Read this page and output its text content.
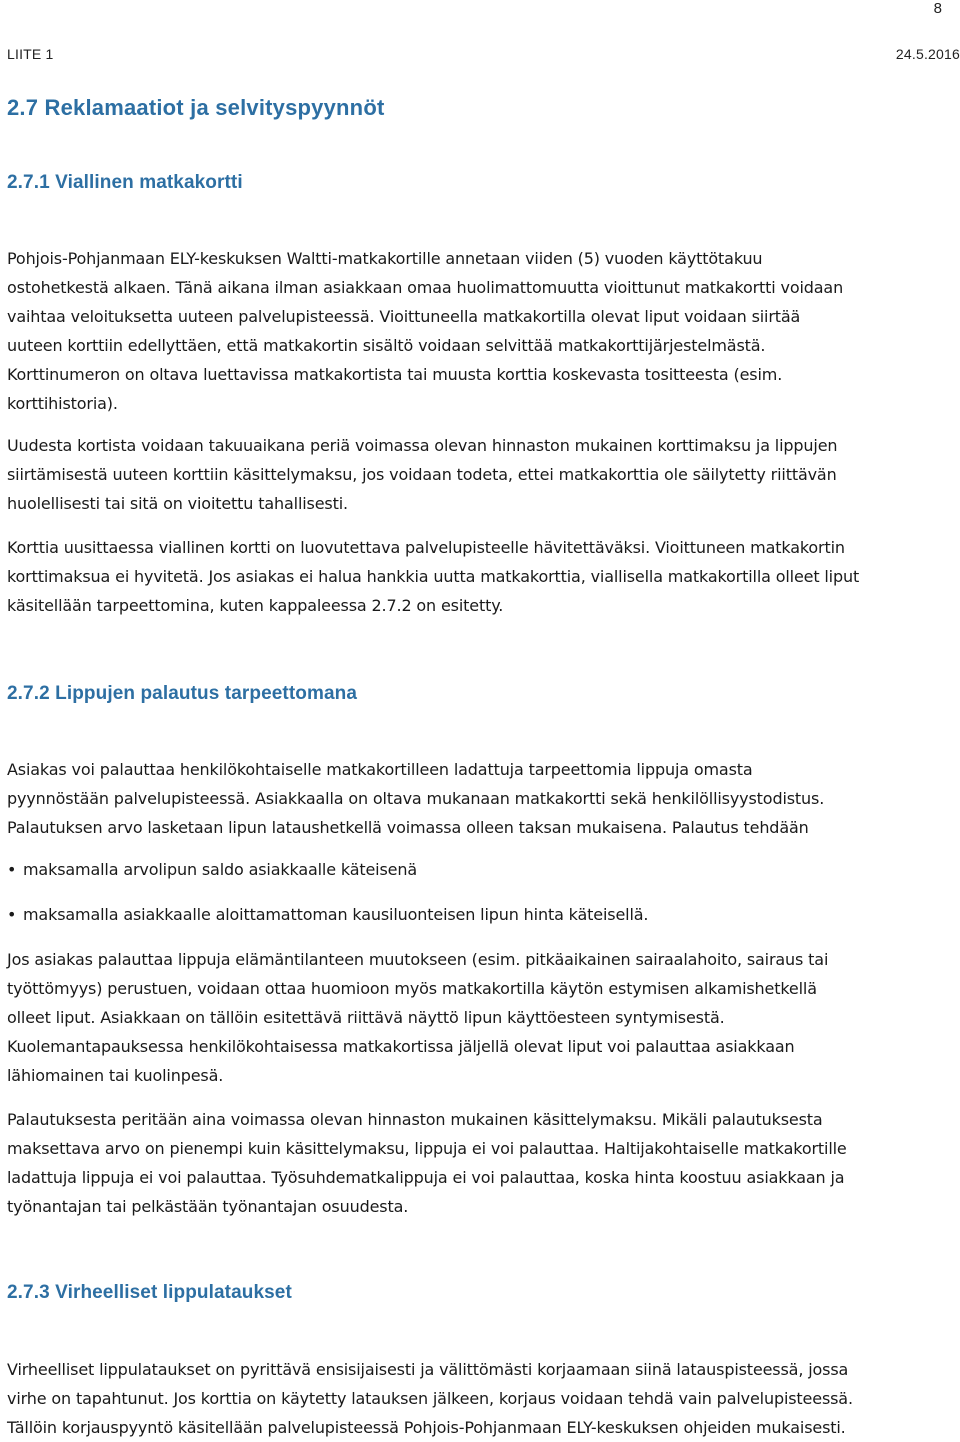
8
LIITE 1	24.5.2016
2.7 Reklamaatiot ja selvityspyynnöt
2.7.1 Viallinen matkakortti
Pohjois-Pohjanmaan ELY-keskuksen Waltti-matkakortille annetaan viiden (5) vuoden käyttötakuu
ostohetkestä alkaen. Tänä aikana ilman asiakkaan omaa huolimattomuutta vioittunut matkakortti voidaan
vaihtaa veloituksetta uuteen palvelupisteessä. Vioittuneella matkakortilla olevat liput voidaan siirtää
uuteen korttiin edellyttäen, että matkakortin sisältö voidaan selvittää matkakorttijärjestelmästä.
Korttinumeron on oltava luettavissa matkakortista tai muusta korttia koskevasta tositteesta (esim.
korttihistoria).
Uudesta kortista voidaan takuuaikana periä voimassa olevan hinnaston mukainen korttimaksu ja lippujen
siirtämisestä uuteen korttiin käsittelymaksu, jos voidaan todeta, ettei matkakorttia ole säilytetty riittävän
huolellisesti tai sitä on vioitettu tahallisesti.
Korttia uusittaessa viallinen kortti on luovutettava palvelupisteelle hävitettäväksi. Vioittuneen matkakortin
korttimaksua ei hyvitetä. Jos asiakas ei halua hankkia uutta matkakorttia, viallisella matkakortilla olleet liput
käsitellään tarpeettomina, kuten kappaleessa 2.7.2 on esitetty.
2.7.2 Lippujen palautus tarpeettomana
Asiakas voi palauttaa henkilökohtaiselle matkakortilleen ladattuja tarpeettomia lippuja omasta
pyynnöstään palvelupisteessä. Asiakkaalla on oltava mukanaan matkakortti sekä henkilöllisyystodistus.
Palautuksen arvo lasketaan lipun lataushetkellä voimassa olleen taksan mukaisena. Palautus tehdään
• maksamalla arvolipun saldo asiakkaalle käteisenä
• maksamalla asiakkaalle aloittamattoman kausiluonteisen lipun hinta käteisellä.
Jos asiakas palauttaa lippuja elämäntilanteen muutokseen (esim. pitkäaikainen sairaalahoito, sairaus tai
työttömyys) perustuen, voidaan ottaa huomioon myös matkakortilla käytön estymisen alkamishetkellä
olleet liput. Asiakkaan on tällöin esitettävä riittävä näyttö lipun käyttöesteen syntymisestä.
Kuolemantapauksessa henkilökohtaisessa matkakortissa jäljellä olevat liput voi palauttaa asiakkaan
lähiomainen tai kuolinpesä.
Palautuksesta peritään aina voimassa olevan hinnaston mukainen käsittelymaksu. Mikäli palautuksesta
maksettava arvo on pienempi kuin käsittelymaksu, lippuja ei voi palauttaa. Haltijakohtaiselle matkakortille
ladattuja lippuja ei voi palauttaa. Työsuhdematkalippuja ei voi palauttaa, koska hinta koostuu asiakkaan ja
työnantajan tai pelkästään työnantajan osuudesta.
2.7.3 Virheelliset lippulataukset
Virheelliset lippulataukset on pyrittävä ensisijaisesti ja välittömästi korjaamaan siinä latauspisteessä, jossa
virhe on tapahtunut. Jos korttia on käytetty latauksen jälkeen, korjaus voidaan tehdä vain palvelupisteessä.
Tällöin korjauspyyntö käsitellään palvelupisteessä Pohjois-Pohjanmaan ELY-keskuksen ohjeiden mukaisesti.
